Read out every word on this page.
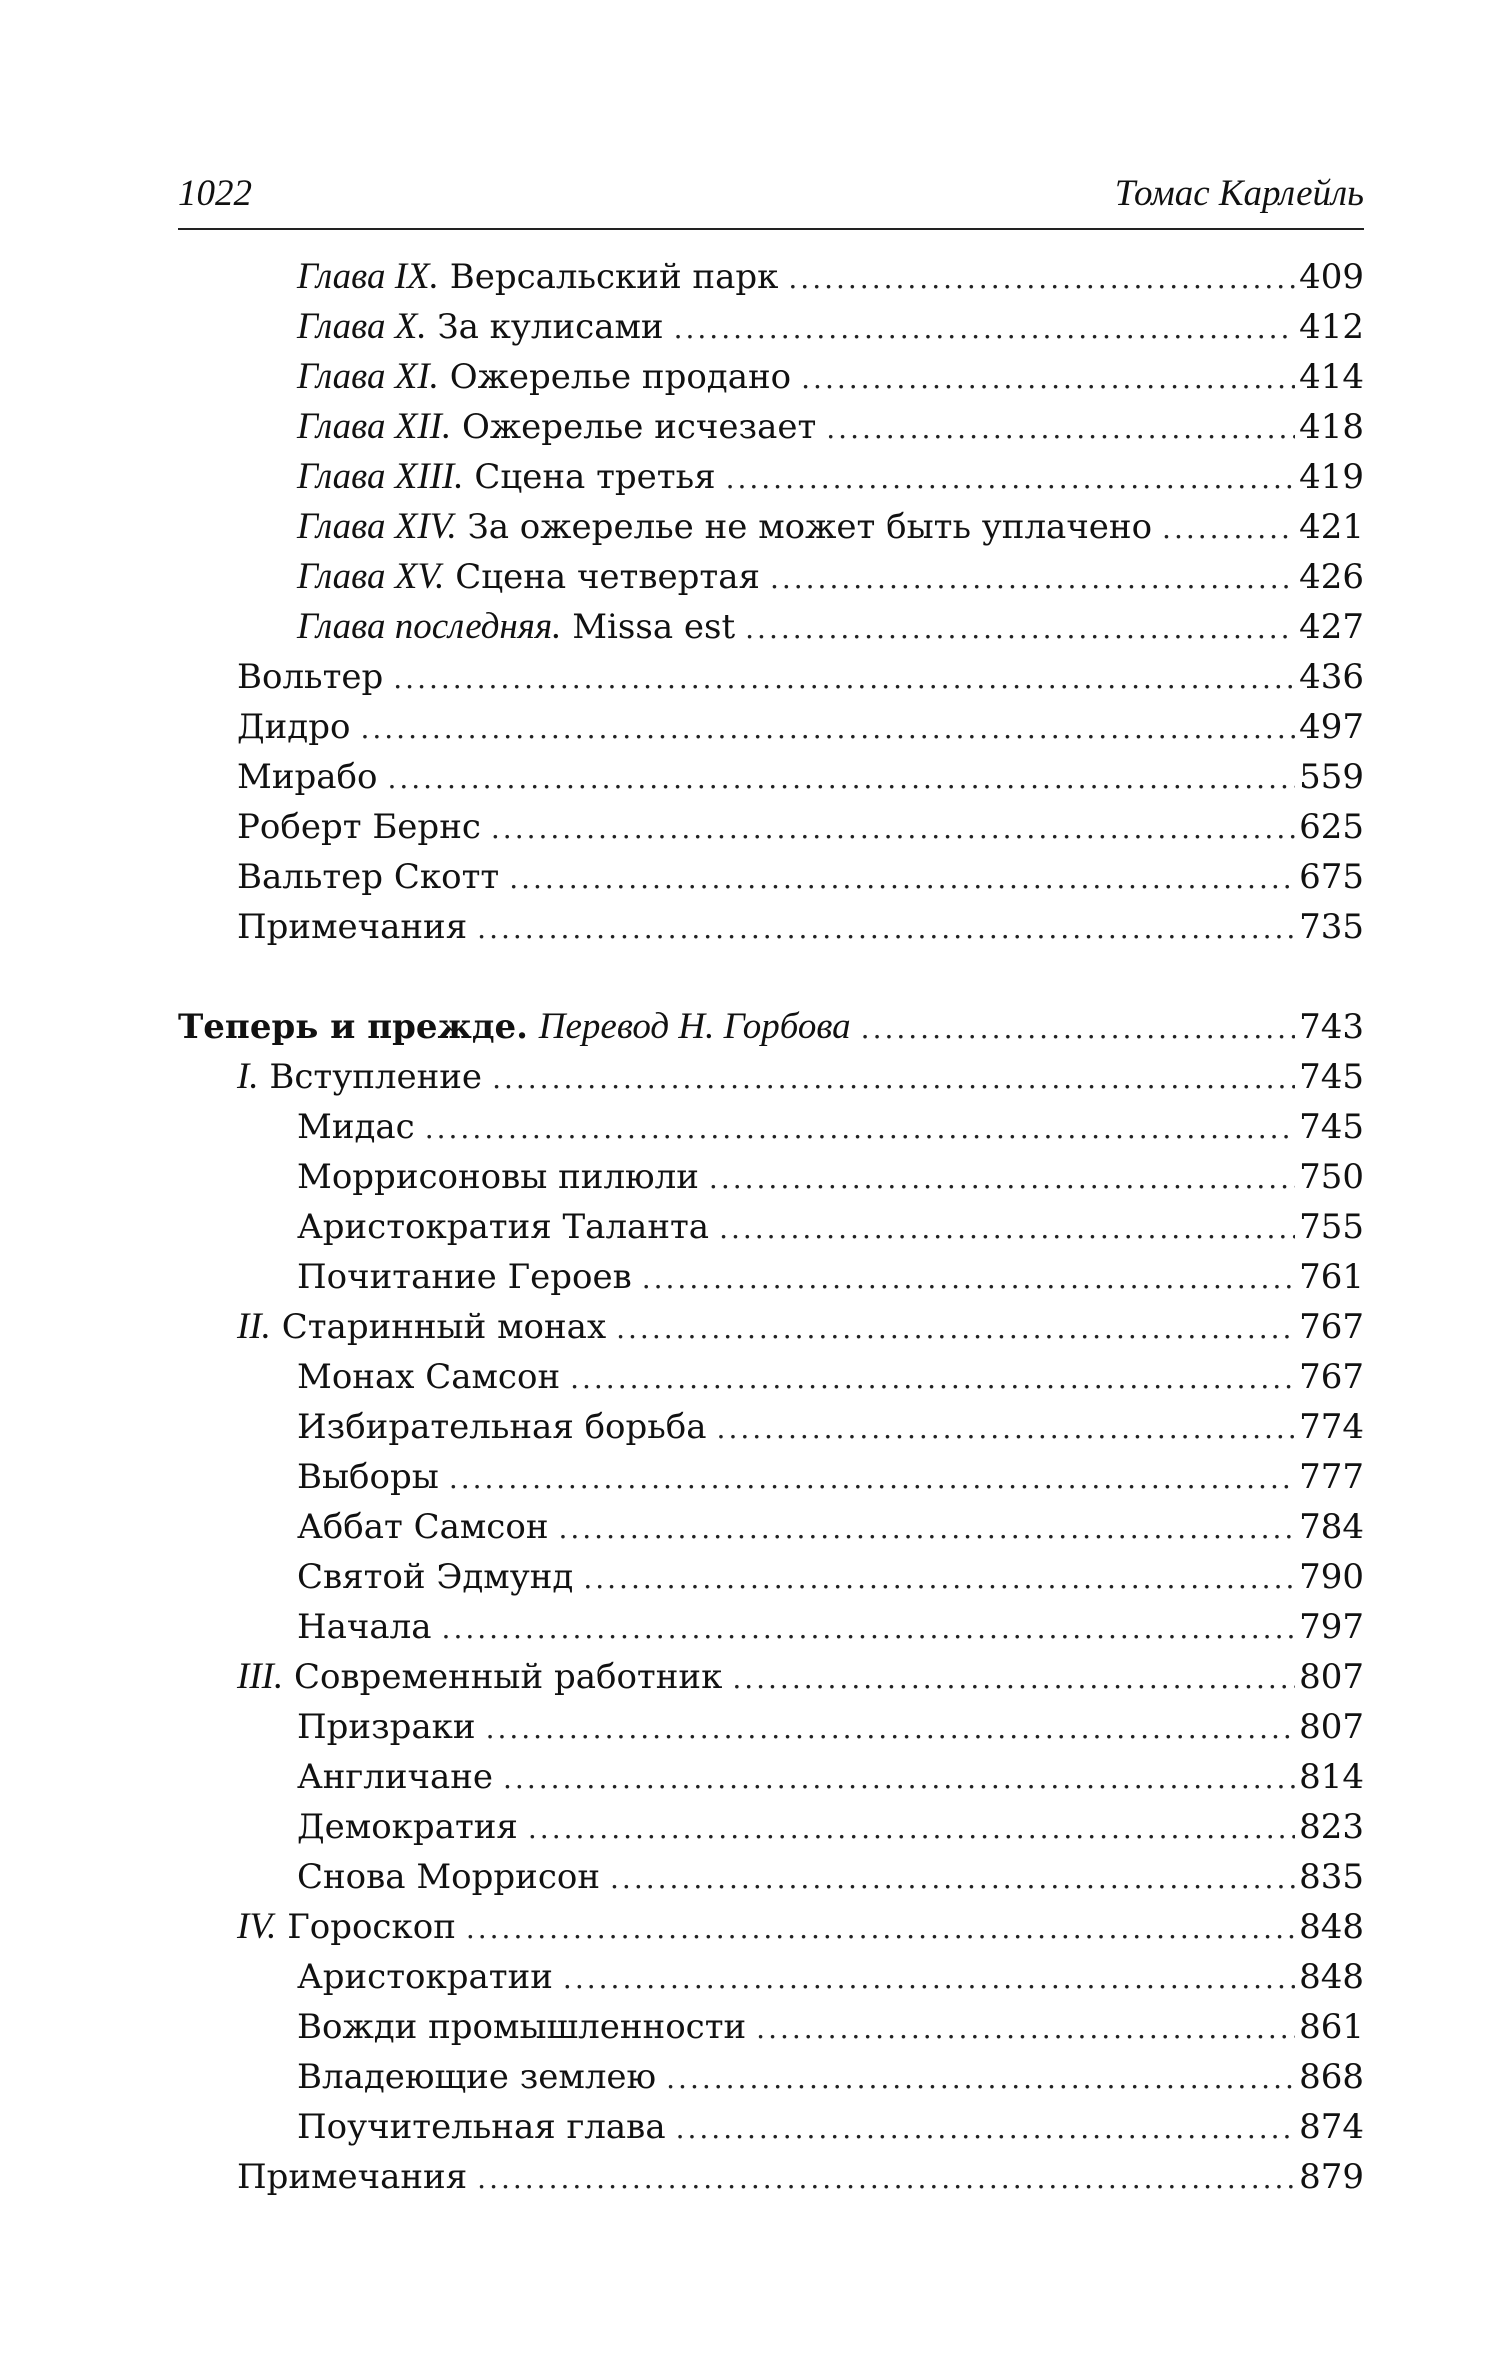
1022	Томас Карлейль
Глава IX. Версальский парк .....	409
Глава X. За кулисами .....	412
Глава XI. Ожерелье продано .....	414
Глава XII. Ожерелье исчезает .....	418
Глава XIII. Сцена третья .....	419
Глава XIV. За ожерелье не может быть уплачено .....	421
Глава XV. Сцена четвертая .....	426
Глава последняя. Missa est .....	427
Вольтер .....	436
Дидро .....	497
Мирабо .....	559
Роберт Бернс .....	625
Вальтер Скотт .....	675
Примечания .....	735
Теперь и прежде. Перевод Н. Горбова .....	743
I. Вступление .....	745
Мидас .....	745
Моррисоновы пилюли .....	750
Аристократия Таланта .....	755
Почитание Героев .....	761
II. Старинный монах .....	767
Монах Самсон .....	767
Избирательная борьба .....	774
Выборы .....	777
Аббат Самсон .....	784
Святой Эдмунд .....	790
Начала .....	797
III. Современный работник .....	807
Призраки .....	807
Англичане .....	814
Демократия .....	823
Снова Моррисон .....	835
IV. Гороскоп .....	848
Аристократии .....	848
Вожди промышленности .....	861
Владеющие землею .....	868
Поучительная глава .....	874
Примечания .....	879
